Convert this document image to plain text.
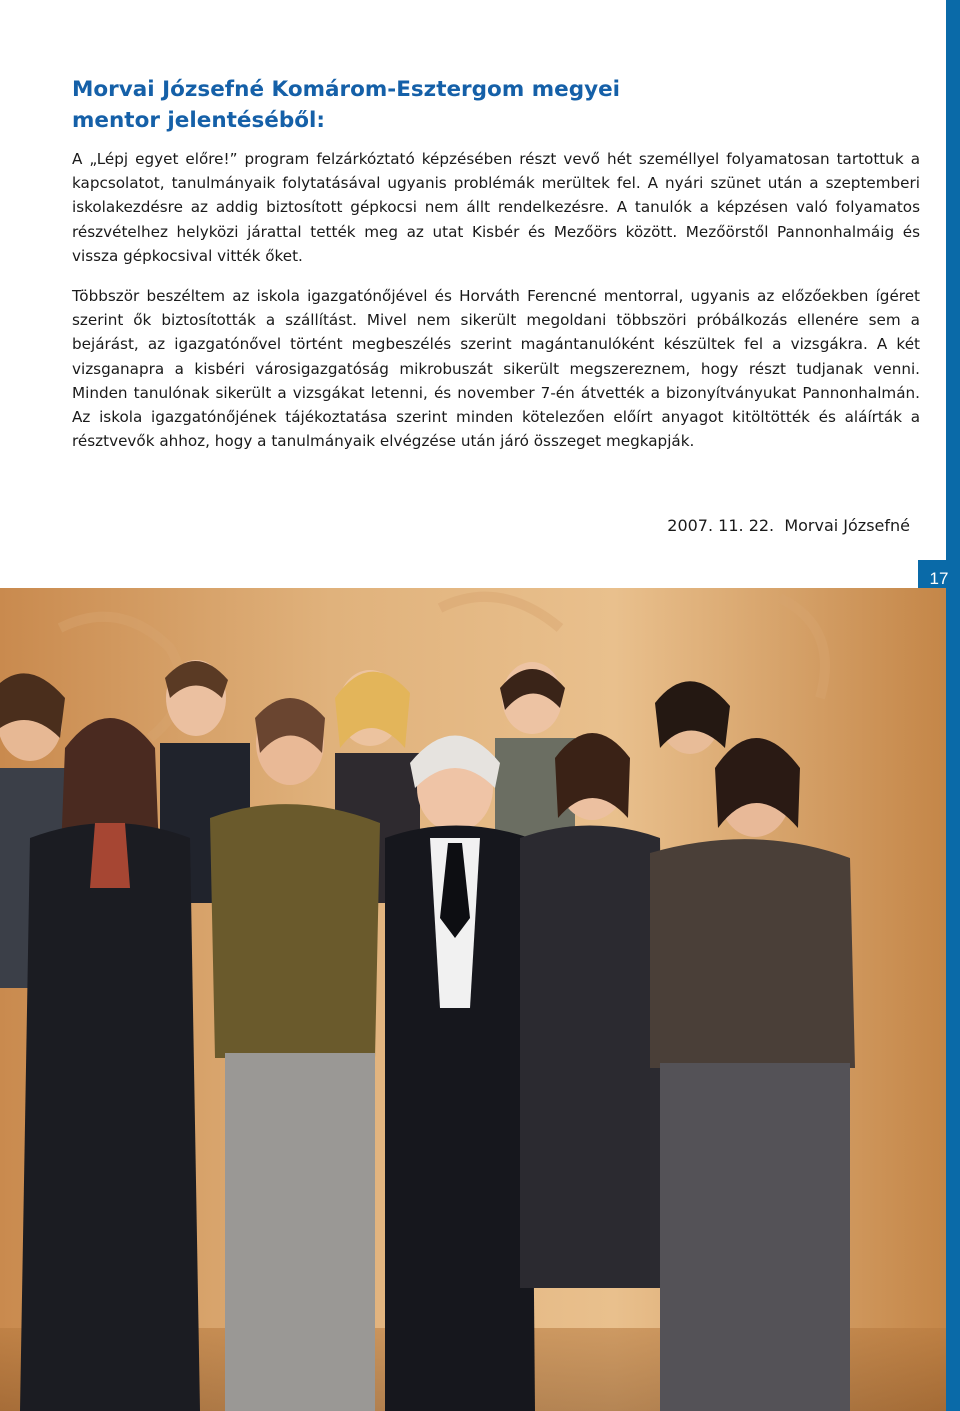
17
Morvai Józsefné Komárom-Esztergom megyei
mentor jelentéséből:

A „Lépj egyet előre!” program felzárkóztató képzésében részt vevő hét személlyel folyamatosan tartottuk a kapcsolatot, tanulmányaik folytatásával ugyanis problémák merültek fel. A nyári szünet után a szeptemberi iskolakezdésre az addig biztosított gépkocsi nem állt rendelkezésre. A tanulók a képzésen való folyamatos részvételhez helyközi járattal tették meg az utat Kisbér és Mezőörs között. Mezőörstől Pannonhalmáig és vissza gépkocsival vitték őket.

Többször beszéltem az iskola igazgatónőjével és Horváth Ferencné mentorral, ugyanis az előzőekben ígéret szerint ők biztosították a szállítást. Mivel nem sikerült megoldani többszöri próbálkozás ellenére sem a bejárást, az igazgatónővel történt megbeszélés szerint magántanulóként készültek fel a vizsgákra. A két vizsganapra a kisbéri városigazgatóság mikrobuszát sikerült megszereznem, hogy részt tudjanak venni. Minden tanulónak sikerült a vizsgákat letenni, és november 7-én átvették a bizonyítványukat Pannonhalmán. Az iskola igazgatónőjének tájékoztatása szerint minden kötelezően előírt anyagot kitöltötték és aláírták a résztvevők ahhoz, hogy a tanulmányaik elvégzése után járó összeget megkapják.

2007. 11. 22. Morvai Józsefné
